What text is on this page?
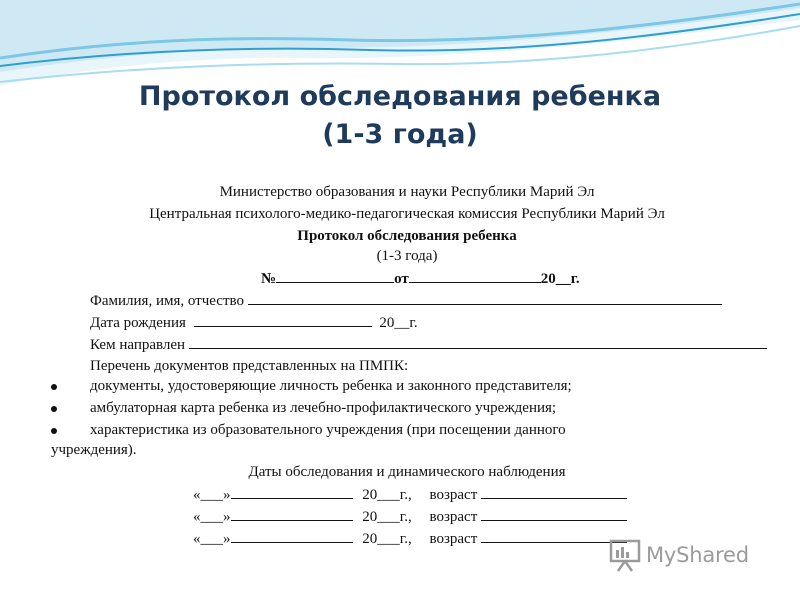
Протокол обследования ребенка
(1-3 года)
Министерство образования и науки Республики Марий Эл
Центральная психолого-медико-педагогическая комиссия Республики Марий Эл
Протокол обследования ребенка
(1-3 года)
№	от	20__г.
Фамилия, имя, отчество
Дата рождения	20__г.
Кем направлен
Перечень документов представленных на ПМПК:
документы, удостоверяющие личность ребенка и законного представителя;
амбулаторная карта ребенка из лечебно-профилактического учреждения;
характеристика из образовательного учреждения (при посещении данного
учреждения).
Даты обследования и динамического наблюдения
«___»	20___г., возраст
«___»	20___г., возраст
«___»	20___г., возраст
MyShared
